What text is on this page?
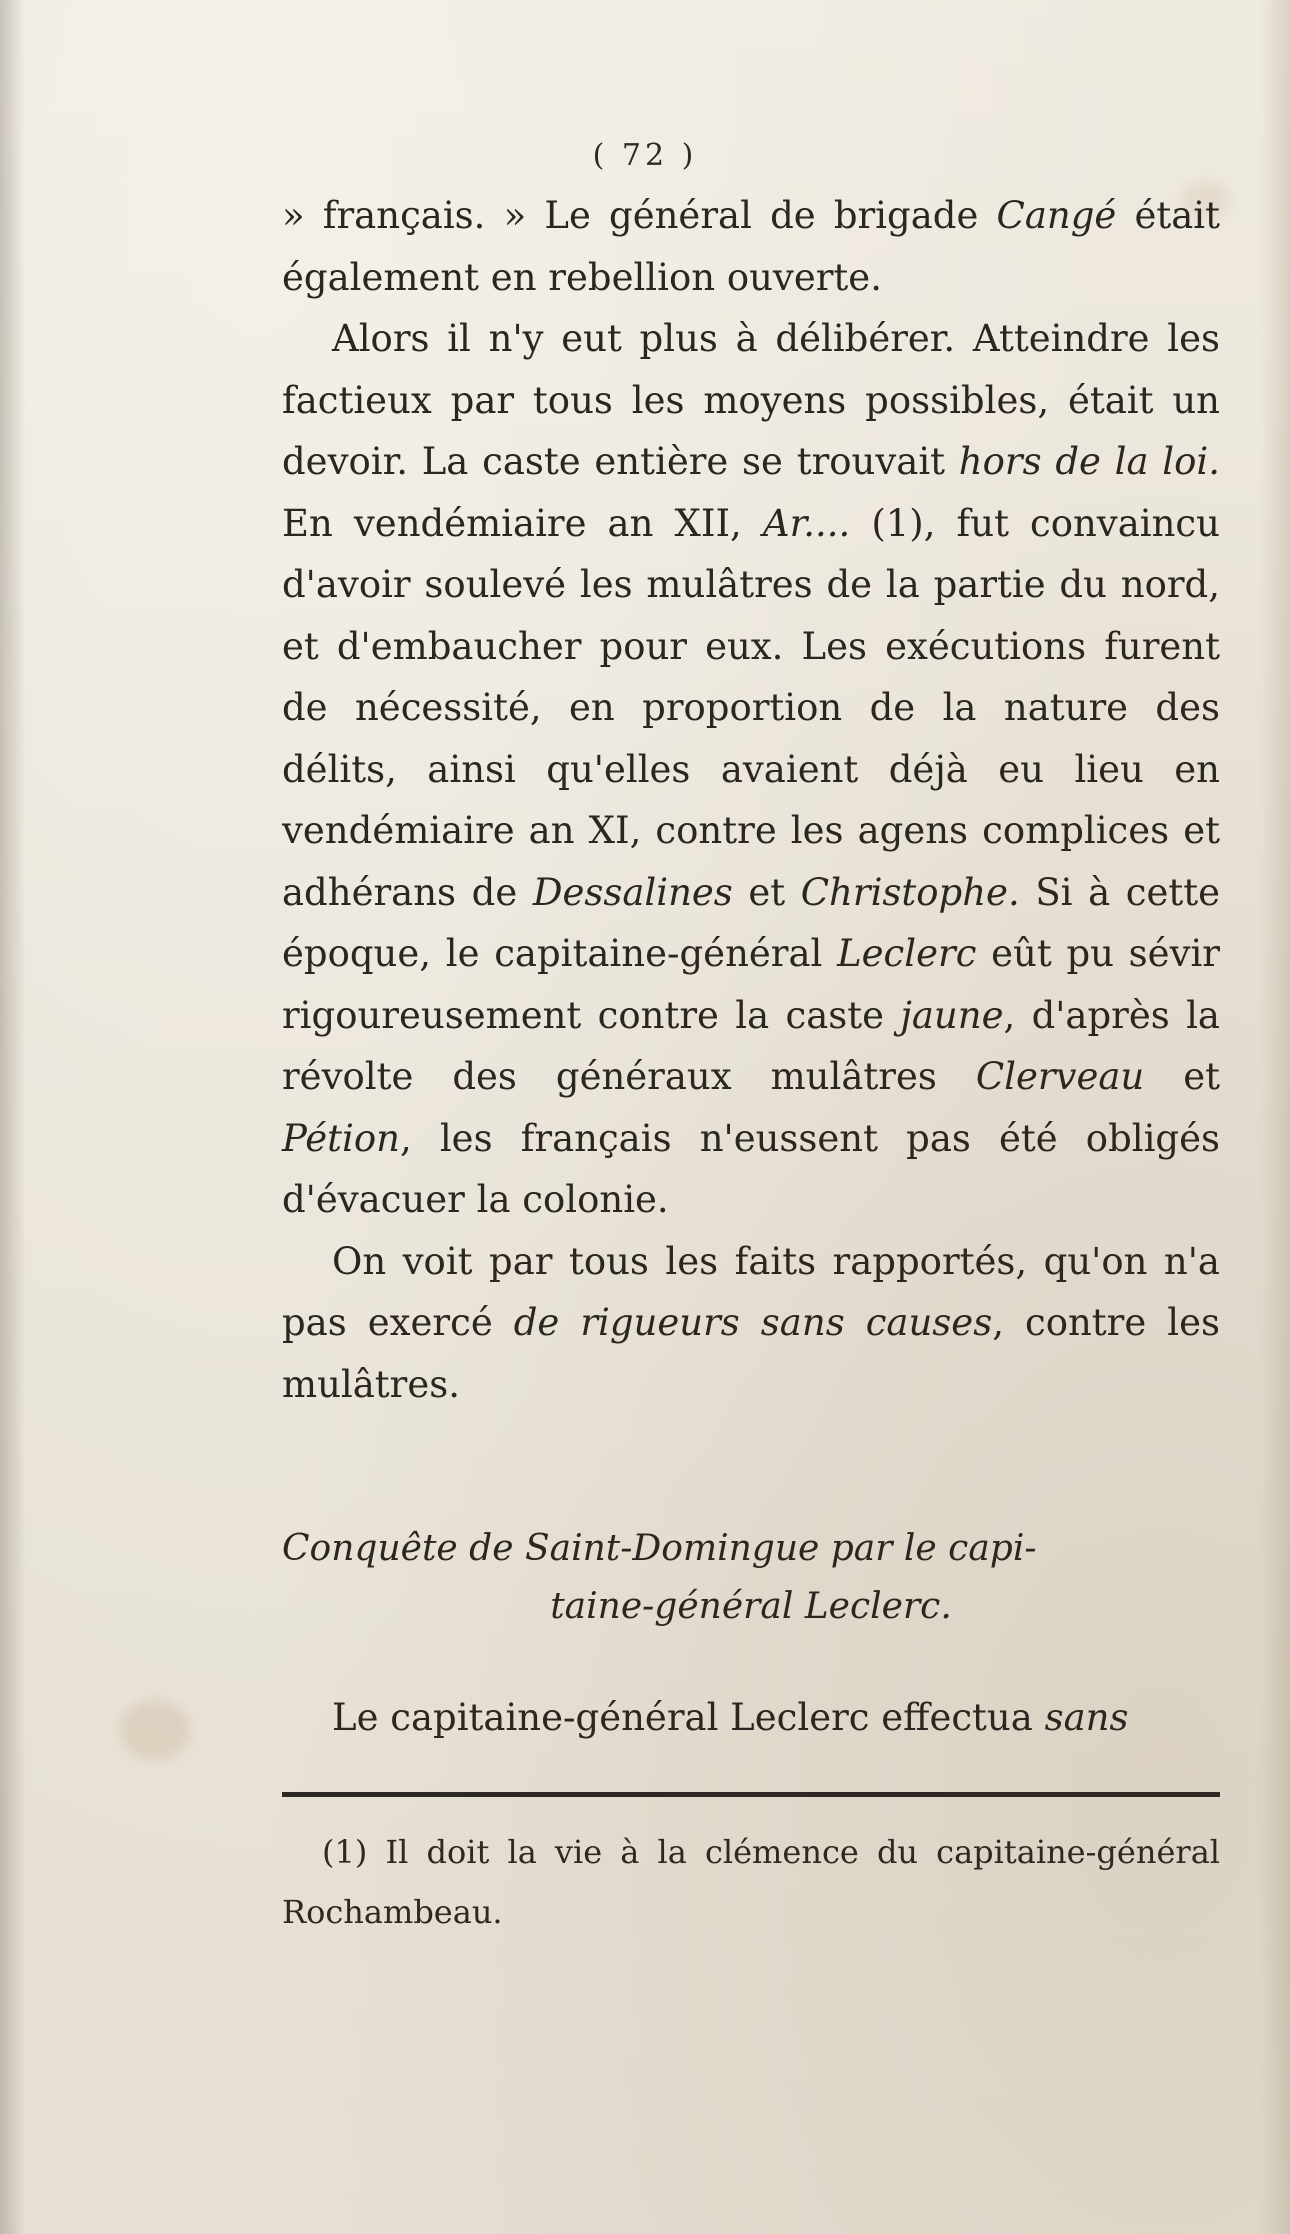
( 72 )

» français. » Le général de brigade Cangé était également en rebellion ouverte.

Alors il n'y eut plus à délibérer. Atteindre les factieux par tous les moyens possibles, était un devoir. La caste entière se trouvait hors de la loi. En vendémiaire an XII, Ar.... (1), fut convaincu d'avoir soulevé les mulâtres de la partie du nord, et d'embaucher pour eux. Les exécutions furent de nécessité, en proportion de la nature des délits, ainsi qu'elles avaient déjà eu lieu en vendémiaire an XI, contre les agens complices et adhérans de Dessalines et Christophe. Si à cette époque, le capitaine-général Leclerc eût pu sévir rigoureusement contre la caste jaune, d'après la révolte des généraux mulâtres Clerveau et Pétion, les français n'eussent pas été obligés d'évacuer la colonie.

On voit par tous les faits rapportés, qu'on n'a pas exercé de rigueurs sans causes, contre les mulâtres.

Conquête de Saint-Domingue par le capi-
taine-général Leclerc.
Le capitaine-général Leclerc effectua sans
(1) Il doit la vie à la clémence du capitaine-général Rochambeau.
